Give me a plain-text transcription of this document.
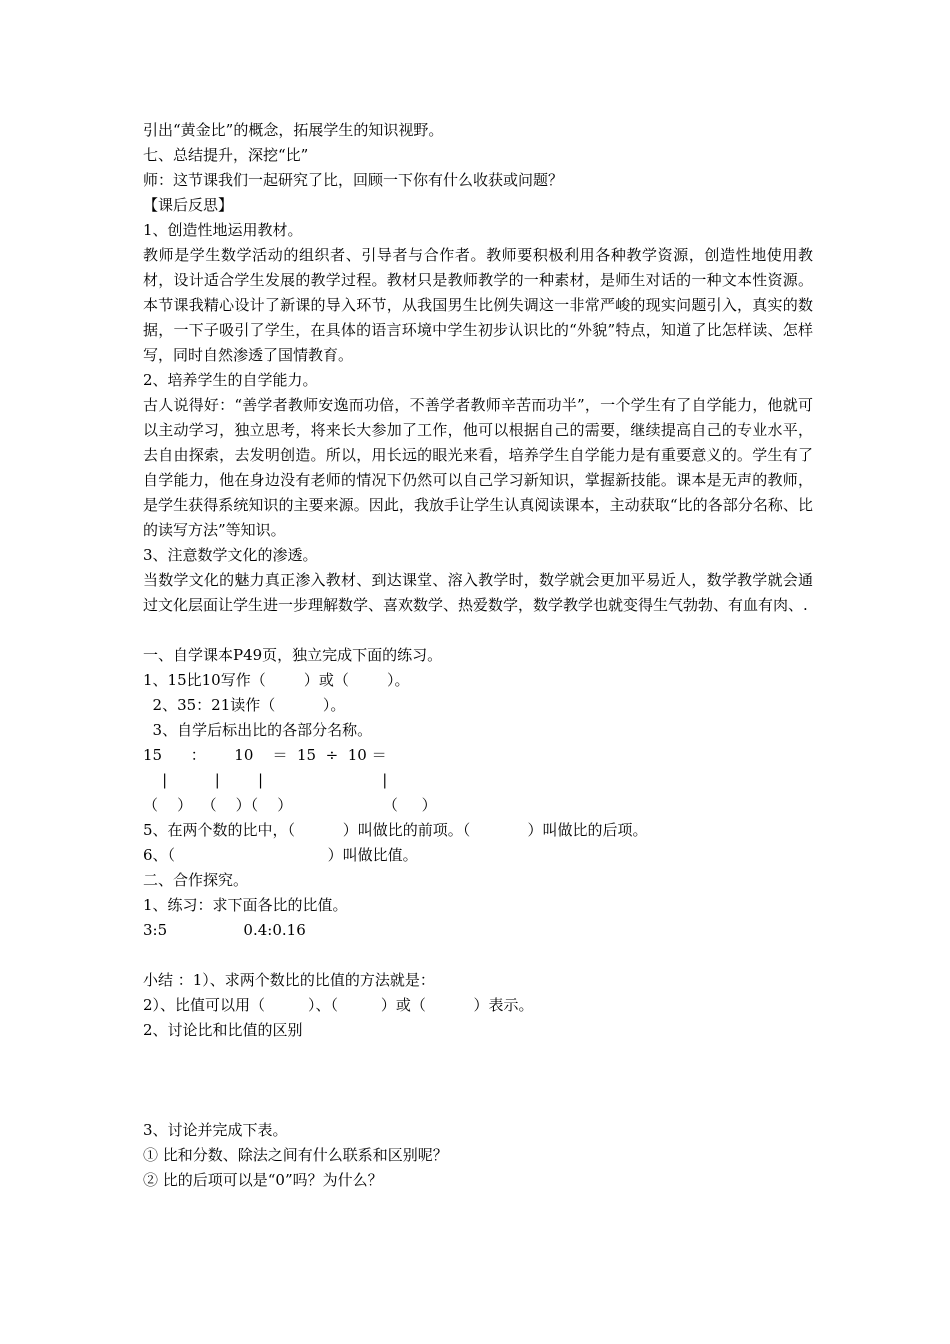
引出“黄金比”的概念，拓展学生的知识视野。
七、总结提升，深挖“比”
师：这节课我们一起研究了比，回顾一下你有什么收获或问题？
【课后反思】
1、创造性地运用教材。
教师是学生数学活动的组织者、引导者与合作者。教师要积极利用各种教学资源，创造性地使用教材，设计适合学生发展的教学过程。教材只是教师教学的一种素材，是师生对话的一种文本性资源。本节课我精心设计了新课的导入环节，从我国男生比例失调这一非常严峻的现实问题引入，真实的数据，一下子吸引了学生，在具体的语言环境中学生初步认识比的“外貌”特点，知道了比怎样读、怎样写，同时自然渗透了国情教育。
2、培养学生的自学能力。
古人说得好：“善学者教师安逸而功倍，不善学者教师辛苦而功半”，一个学生有了自学能力，他就可以主动学习，独立思考，将来长大参加了工作，他可以根据自己的需要，继续提高自己的专业水平，去自由探索，去发明创造。所以，用长远的眼光来看，培养学生自学能力是有重要意义的。学生有了自学能力，他在身边没有老师的情况下仍然可以自己学习新知识，掌握新技能。课本是无声的教师，是学生获得系统知识的主要来源。因此，我放手让学生认真阅读课本，主动获取“比的各部分名称、比的读写方法”等知识。
3、注意数学文化的渗透。
当数学文化的魅力真正渗入教材、到达课堂、溶入教学时，数学就会更加平易近人，数学教学就会通过文化层面让学生进一步理解数学、喜欢数学、热爱数学，数学教学也就变得生气勃勃、有血有肉、.
一、自学课本P49页，独立完成下面的练习。
1、15比10写作（        ）或（        ）。
2、35：21读作（          ）。
3、自学后标出比的各部分名称。
15      ：      10    ＝  15  ÷  10 ＝
|          |        |                         |
（    ）  （    ）（    ）                   （     ）
5、在两个数的比中，（          ）叫做比的前项。（            ）叫做比的后项。
6、（                                ）叫做比值。
二、合作探究。
1、练习：求下面各比的比值。
3:5                0.4:0.16
小结 ：1）、求两个数比的比值的方法就是：
2）、比值可以用（         ）、（         ）或（          ）表示。
2、讨论比和比值的区别
3、讨论并完成下表。
① 比和分数、除法之间有什么联系和区别呢？
② 比的后项可以是“0”吗？为什么？
